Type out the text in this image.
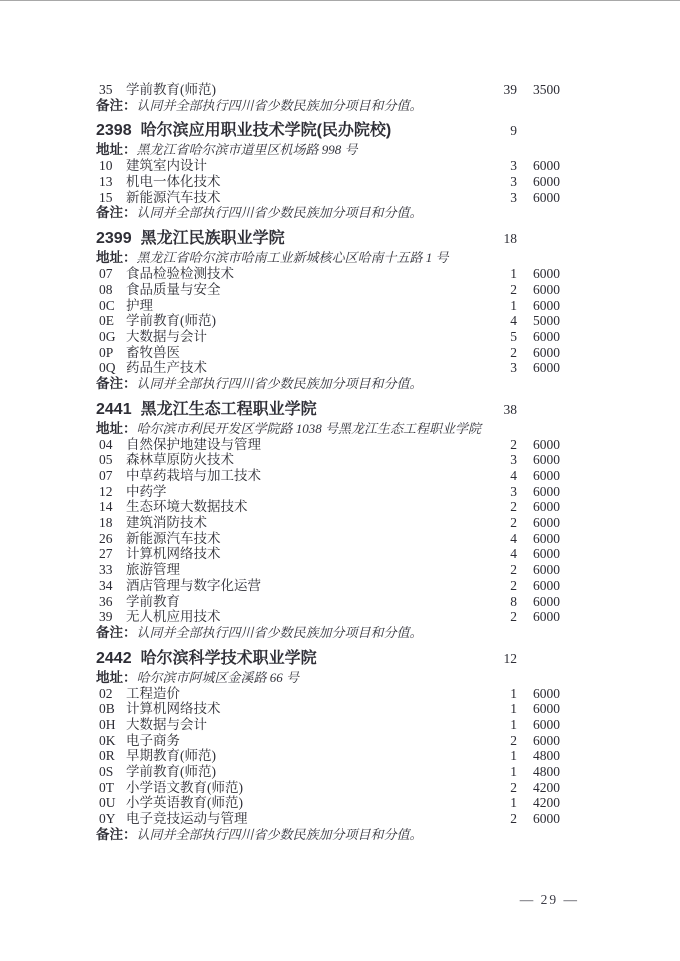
35	学前教育(师范)	39	3500
备注：认同并全部执行四川省少数民族加分项目和分值。
2398 哈尔滨应用职业技术学院(民办院校)	9
地址：黑龙江省哈尔滨市道里区机场路 998 号
10	建筑室内设计	3	6000
13	机电一体化技术	3	6000
15	新能源汽车技术	3	6000
备注：认同并全部执行四川省少数民族加分项目和分值。
2399 黑龙江民族职业学院	18
地址：黑龙江省哈尔滨市哈南工业新城核心区哈南十五路 1 号
07	食品检验检测技术	1	6000
08	食品质量与安全	2	6000
0C 护理	1	6000
0E 学前教育(师范)	4	5000
0G 大数据与会计	5	6000
0P 畜牧兽医	2	6000
0Q 药品生产技术	3	6000
备注：认同并全部执行四川省少数民族加分项目和分值。
2441 黑龙江生态工程职业学院	38
地址：哈尔滨市利民开发区学院路 1038 号黑龙江生态工程职业学院
04	自然保护地建设与管理	2	6000
05	森林草原防火技术	3	6000
07	中草药栽培与加工技术	4	6000
12	中药学	3	6000
14	生态环境大数据技术	2	6000
18	建筑消防技术	2	6000
26	新能源汽车技术	4	6000
27	计算机网络技术	4	6000
33	旅游管理	2	6000
34	酒店管理与数字化运营	2	6000
36	学前教育	8	6000
39	无人机应用技术	2	6000
备注：认同并全部执行四川省少数民族加分项目和分值。
2442 哈尔滨科学技术职业学院	12
地址：哈尔滨市阿城区金溪路 66 号
02	工程造价	1	6000
0B 计算机网络技术	1	6000
0H 大数据与会计	1	6000
0K 电子商务	2	6000
0R 早期教育(师范)	1	4800
0S 学前教育(师范)	1	4800
0T 小学语文教育(师范)	2	4200
0U 小学英语教育(师范)	1	4200
0Y 电子竞技运动与管理	2	6000
备注：认同并全部执行四川省少数民族加分项目和分值。
— 29 —
